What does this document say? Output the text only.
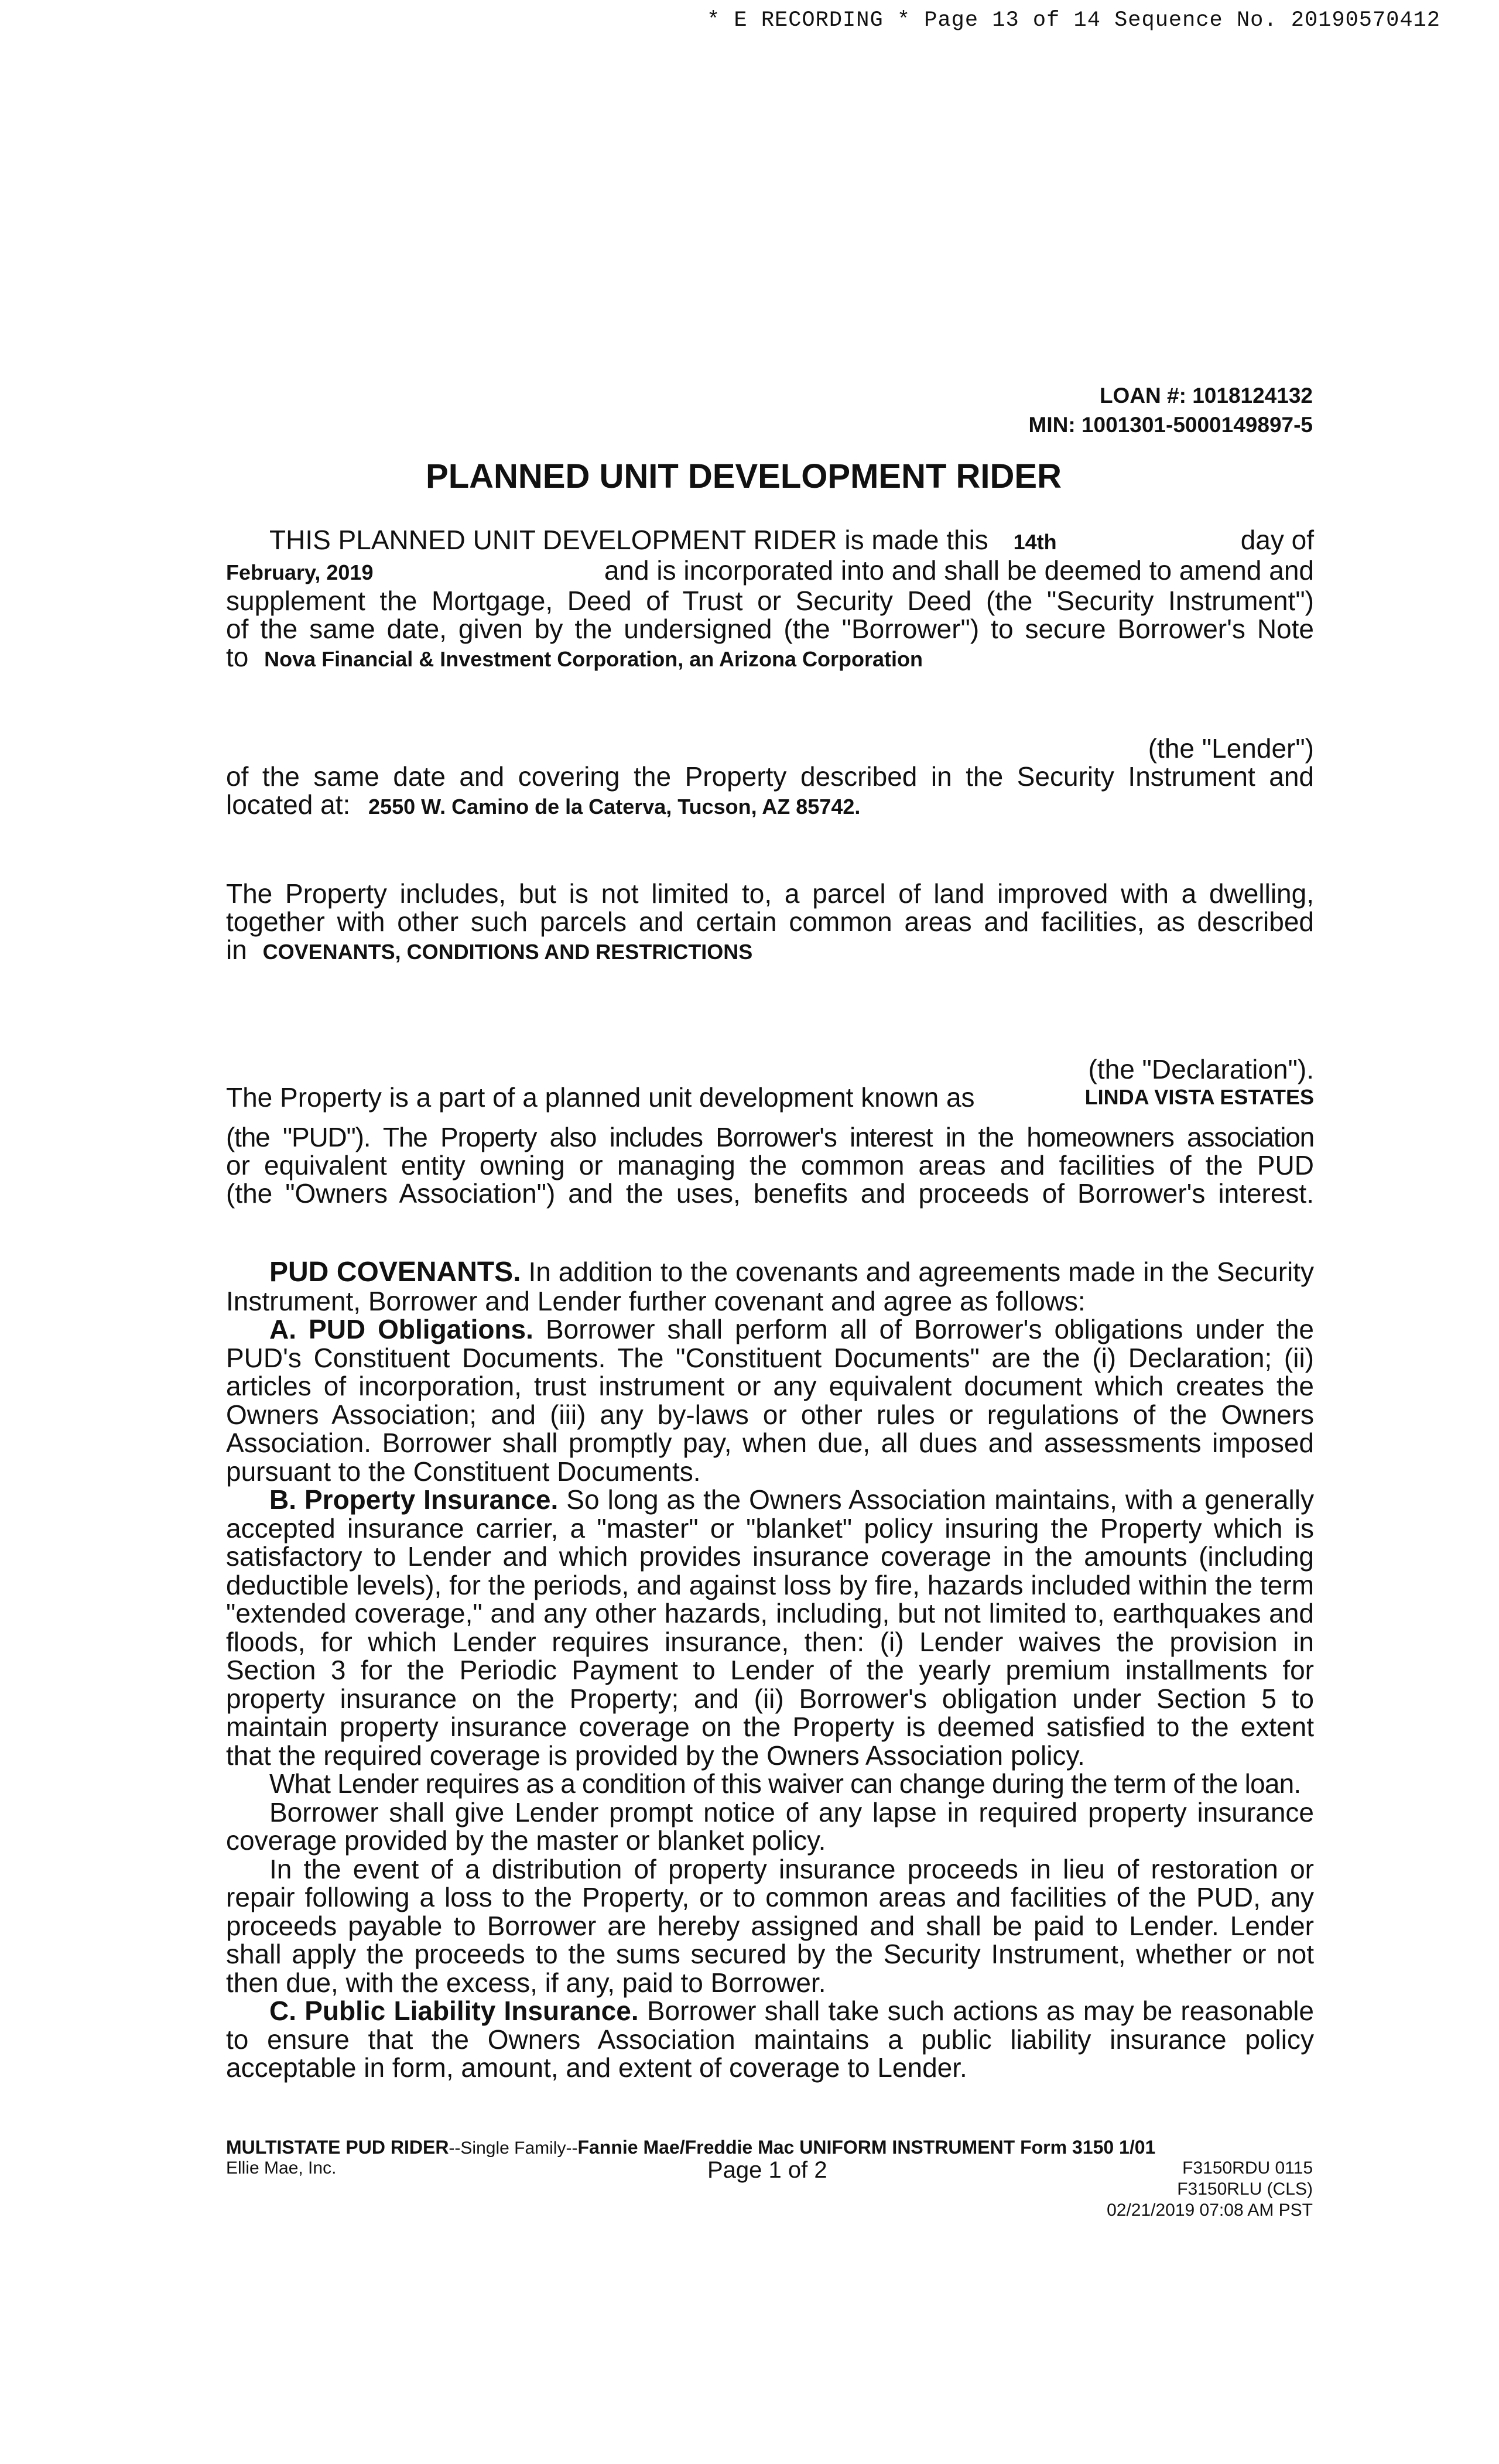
* E RECORDING * Page 13 of 14 Sequence No. 20190570412
LOAN #: 1018124132
MIN: 1001301-5000149897-5
PLANNED UNIT DEVELOPMENT RIDER

THIS PLANNED UNIT DEVELOPMENT RIDER is made this 14th	day of

February, 2019	and is incorporated into and shall be deemed to amend and

supplement the Mortgage, Deed of Trust or Security Deed (the "Security Instrument")

of the same date, given by the undersigned (the "Borrower") to secure Borrower's Note

to Nova Financial & Investment Corporation, an Arizona Corporation

(the "Lender")

of the same date and covering the Property described in the Security Instrument and

located at: 2550 W. Camino de la Caterva, Tucson, AZ 85742.

The Property includes, but is not limited to, a parcel of land improved with a dwelling,

together with other such parcels and certain common areas and facilities, as described

in COVENANTS, CONDITIONS AND RESTRICTIONS

(the "Declaration").

The Property is a part of a planned unit development known as	LINDA VISTA ESTATES

(the "PUD"). The Property also includes Borrower's interest in the homeowners association

or equivalent entity owning or managing the common areas and facilities of the PUD

(the "Owners Association") and the uses, benefits and proceeds of Borrower's interest.

PUD COVENANTS. In addition to the covenants and agreements made in the Security Instrument, Borrower and Lender further covenant and agree as follows:

A. PUD Obligations. Borrower shall perform all of Borrower's obligations under the PUD's Constituent Documents. The "Constituent Documents" are the (i) Declaration; (ii) articles of incorporation, trust instrument or any equivalent document which creates the Owners Association; and (iii) any by-laws or other rules or regulations of the Owners Association. Borrower shall promptly pay, when due, all dues and assessments imposed pursuant to the Constituent Documents.

B. Property Insurance. So long as the Owners Association maintains, with a generally accepted insurance carrier, a "master" or "blanket" policy insuring the Property which is satisfactory to Lender and which provides insurance coverage in the amounts (including deductible levels), for the periods, and against loss by fire, hazards included within the term "extended coverage," and any other hazards, including, but not limited to, earthquakes and floods, for which Lender requires insurance, then: (i) Lender waives the provision in Section 3 for the Periodic Payment to Lender of the yearly premium installments for property insurance on the Property; and (ii) Borrower's obligation under Section 5 to maintain property insurance coverage on the Property is deemed satisfied to the extent that the required coverage is provided by the Owners Association policy.

What Lender requires as a condition of this waiver can change during the term of the loan.

Borrower shall give Lender prompt notice of any lapse in required property insurance coverage provided by the master or blanket policy.

In the event of a distribution of property insurance proceeds in lieu of restoration or repair following a loss to the Property, or to common areas and facilities of the PUD, any proceeds payable to Borrower are hereby assigned and shall be paid to Lender. Lender shall apply the proceeds to the sums secured by the Security Instrument, whether or not then due, with the excess, if any, paid to Borrower.

C. Public Liability Insurance. Borrower shall take such actions as may be reasonable to ensure that the Owners Association maintains a public liability insurance policy acceptable in form, amount, and extent of coverage to Lender.

MULTISTATE PUD RIDER--Single Family--Fannie Mae/Freddie Mac UNIFORM INSTRUMENT Form 3150 1/01
Ellie Mae, Inc.	Page 1 of 2	F3150RDU 0115
F3150RLU (CLS)
02/21/2019 07:08 AM PST
